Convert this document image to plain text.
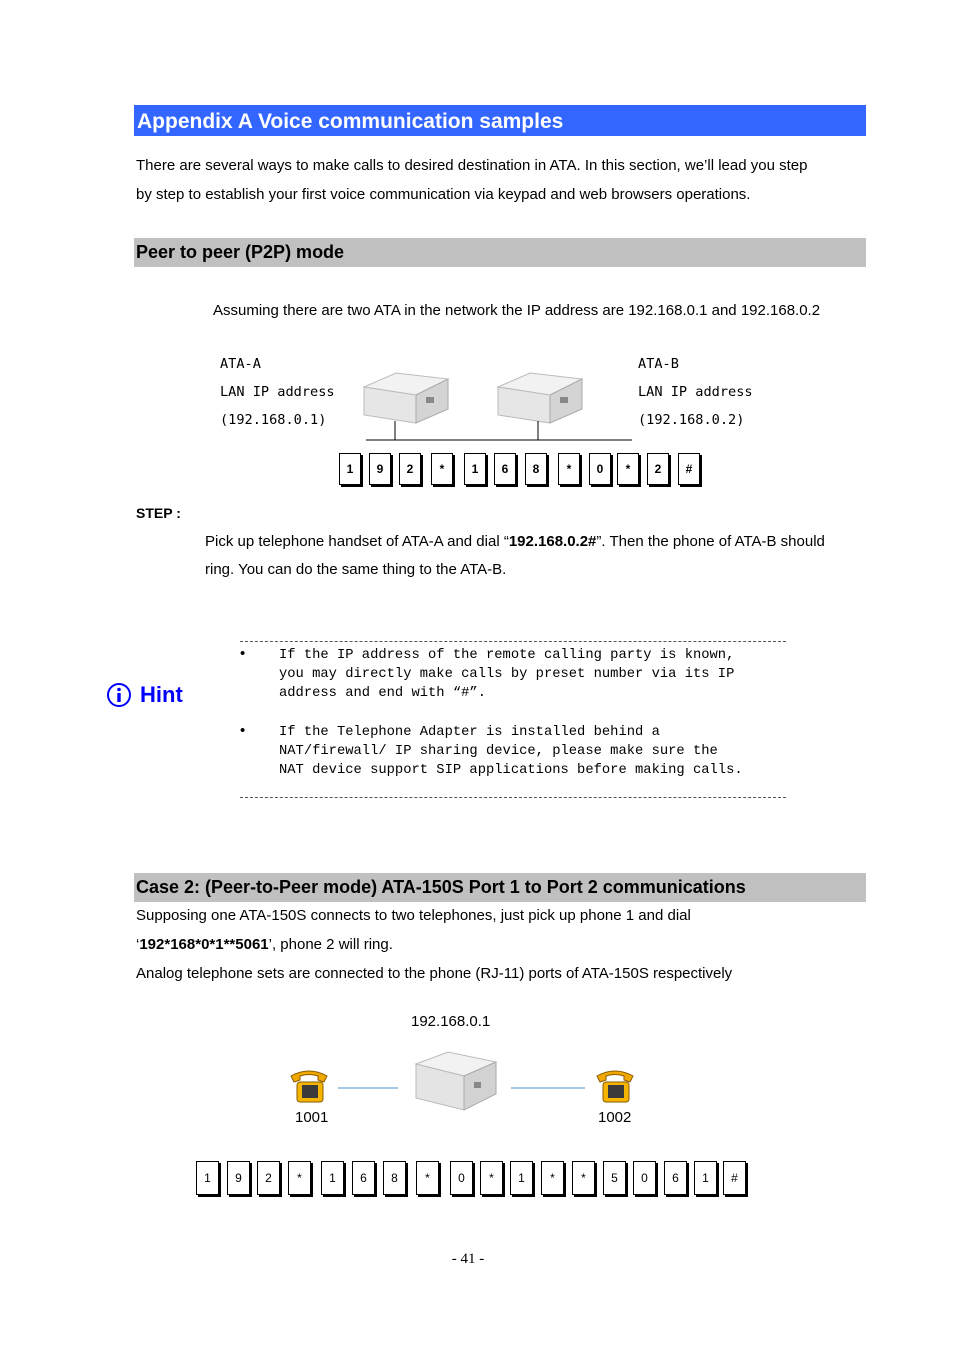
Appendix A Voice communication samples
There are several ways to make calls to desired destination in ATA. In this section, we’ll lead you step
by step to establish your first voice communication via keypad and web browsers operations.
Peer to peer (P2P) mode
Assuming there are two ATA in the network the IP address are 192.168.0.1 and 192.168.0.2
ATA-A
LAN IP address
(192.168.0.1)
ATA-B
LAN IP address
(192.168.0.2)
1	9	2	*	1	6	8	*	0	*	2	#
STEP :
Pick up telephone handset of ATA-A and dial “192.168.0.2#”. Then the phone of ATA-B should
ring. You can do the same thing to the ATA-B.
Hint
• If the IP address of the remote calling party is known,
you may directly make calls by preset number via its IP
address and end with “#”.
• If the Telephone Adapter is installed behind a
NAT/firewall/ IP sharing device, please make sure the
NAT device support SIP applications before making calls.
Case 2: (Peer-to-Peer mode) ATA-150S Port 1 to Port 2 communications
Supposing one ATA-150S connects to two telephones, just pick up phone 1 and dial
‘192*168*0*1**5061’, phone 2 will ring.
Analog telephone sets are connected to the phone (RJ-11) ports of ATA-150S respectively
192.168.0.1
1001	1002
1	9	2	*	1	6	8	*	0	*	1	*	*	5	0	6	1	#
- 41 -
